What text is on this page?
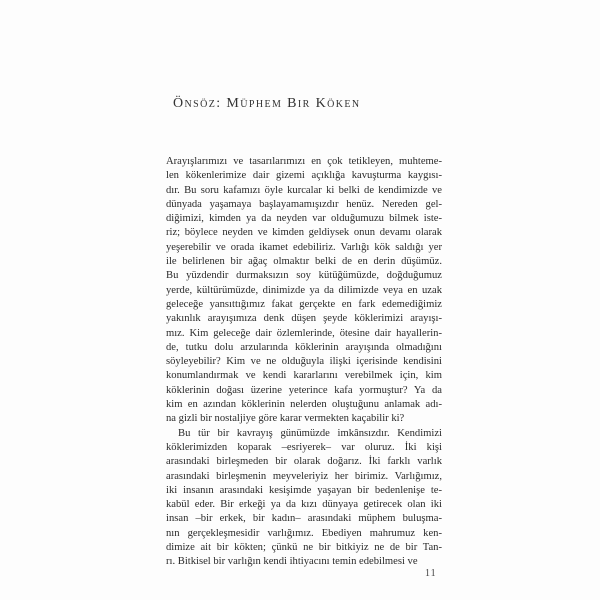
Önsöz: Müphem Bir Köken
Arayışlarımızı ve tasarılarımızı en çok tetikleyen, muhteme-
len kökenlerimize dair gizemi açıklığa kavuşturma kaygısı-
dır. Bu soru kafamızı öyle kurcalar ki belki de kendimizde ve
dünyada yaşamaya başlayamamışızdır henüz. Nereden gel-
diğimizi, kimden ya da neyden var olduğumuzu bilmek iste-
riz; böylece neyden ve kimden geldiysek onun devamı olarak
yeşerebilir ve orada ikamet edebiliriz. Varlığı kök saldığı yer
ile belirlenen bir ağaç olmaktır belki de en derin düşümüz.
Bu yüzdendir durmaksızın soy kütüğümüzde, doğduğumuz
yerde, kültürümüzde, dinimizde ya da dilimizde veya en uzak
geleceğe yansıttığımız fakat gerçekte en fark edemediğimiz
yakınlık arayışımıza denk düşen şeyde köklerimizi arayışı-
mız. Kim geleceğe dair özlemlerinde, ötesine dair hayallerin-
de, tutku dolu arzularında köklerinin arayışında olmadığını
söyleyebilir? Kim ve ne olduğuyla ilişki içerisinde kendisini
konumlandırmak ve kendi kararlarını verebilmek için, kim
köklerinin doğası üzerine yeterince kafa yormuştur? Ya da
kim en azından köklerinin nelerden oluştuğunu anlamak adı-
na gizli bir nostaljiye göre karar vermekten kaçabilir ki?
Bu tür bir kavrayış günümüzde imkânsızdır. Kendimizi
köklerimizden koparak –esriyerek– var oluruz. İki kişi
arasındaki birleşmeden bir olarak doğarız. İki farklı varlık
arasındaki birleşmenin meyveleriyiz her birimiz. Varlığımız,
iki insanın arasındaki kesişimde yaşayan bir bedenlenişe te-
kabül eder. Bir erkeği ya da kızı dünyaya getirecek olan iki
insan –bir erkek, bir kadın– arasındaki müphem buluşma-
nın gerçekleşmesidir varlığımız. Ebediyen mahrumuz ken-
dimize ait bir kökten; çünkü ne bir bitkiyiz ne de bir Tan-
rı. Bitkisel bir varlığın kendi ihtiyacını temin edebilmesi ve
11
